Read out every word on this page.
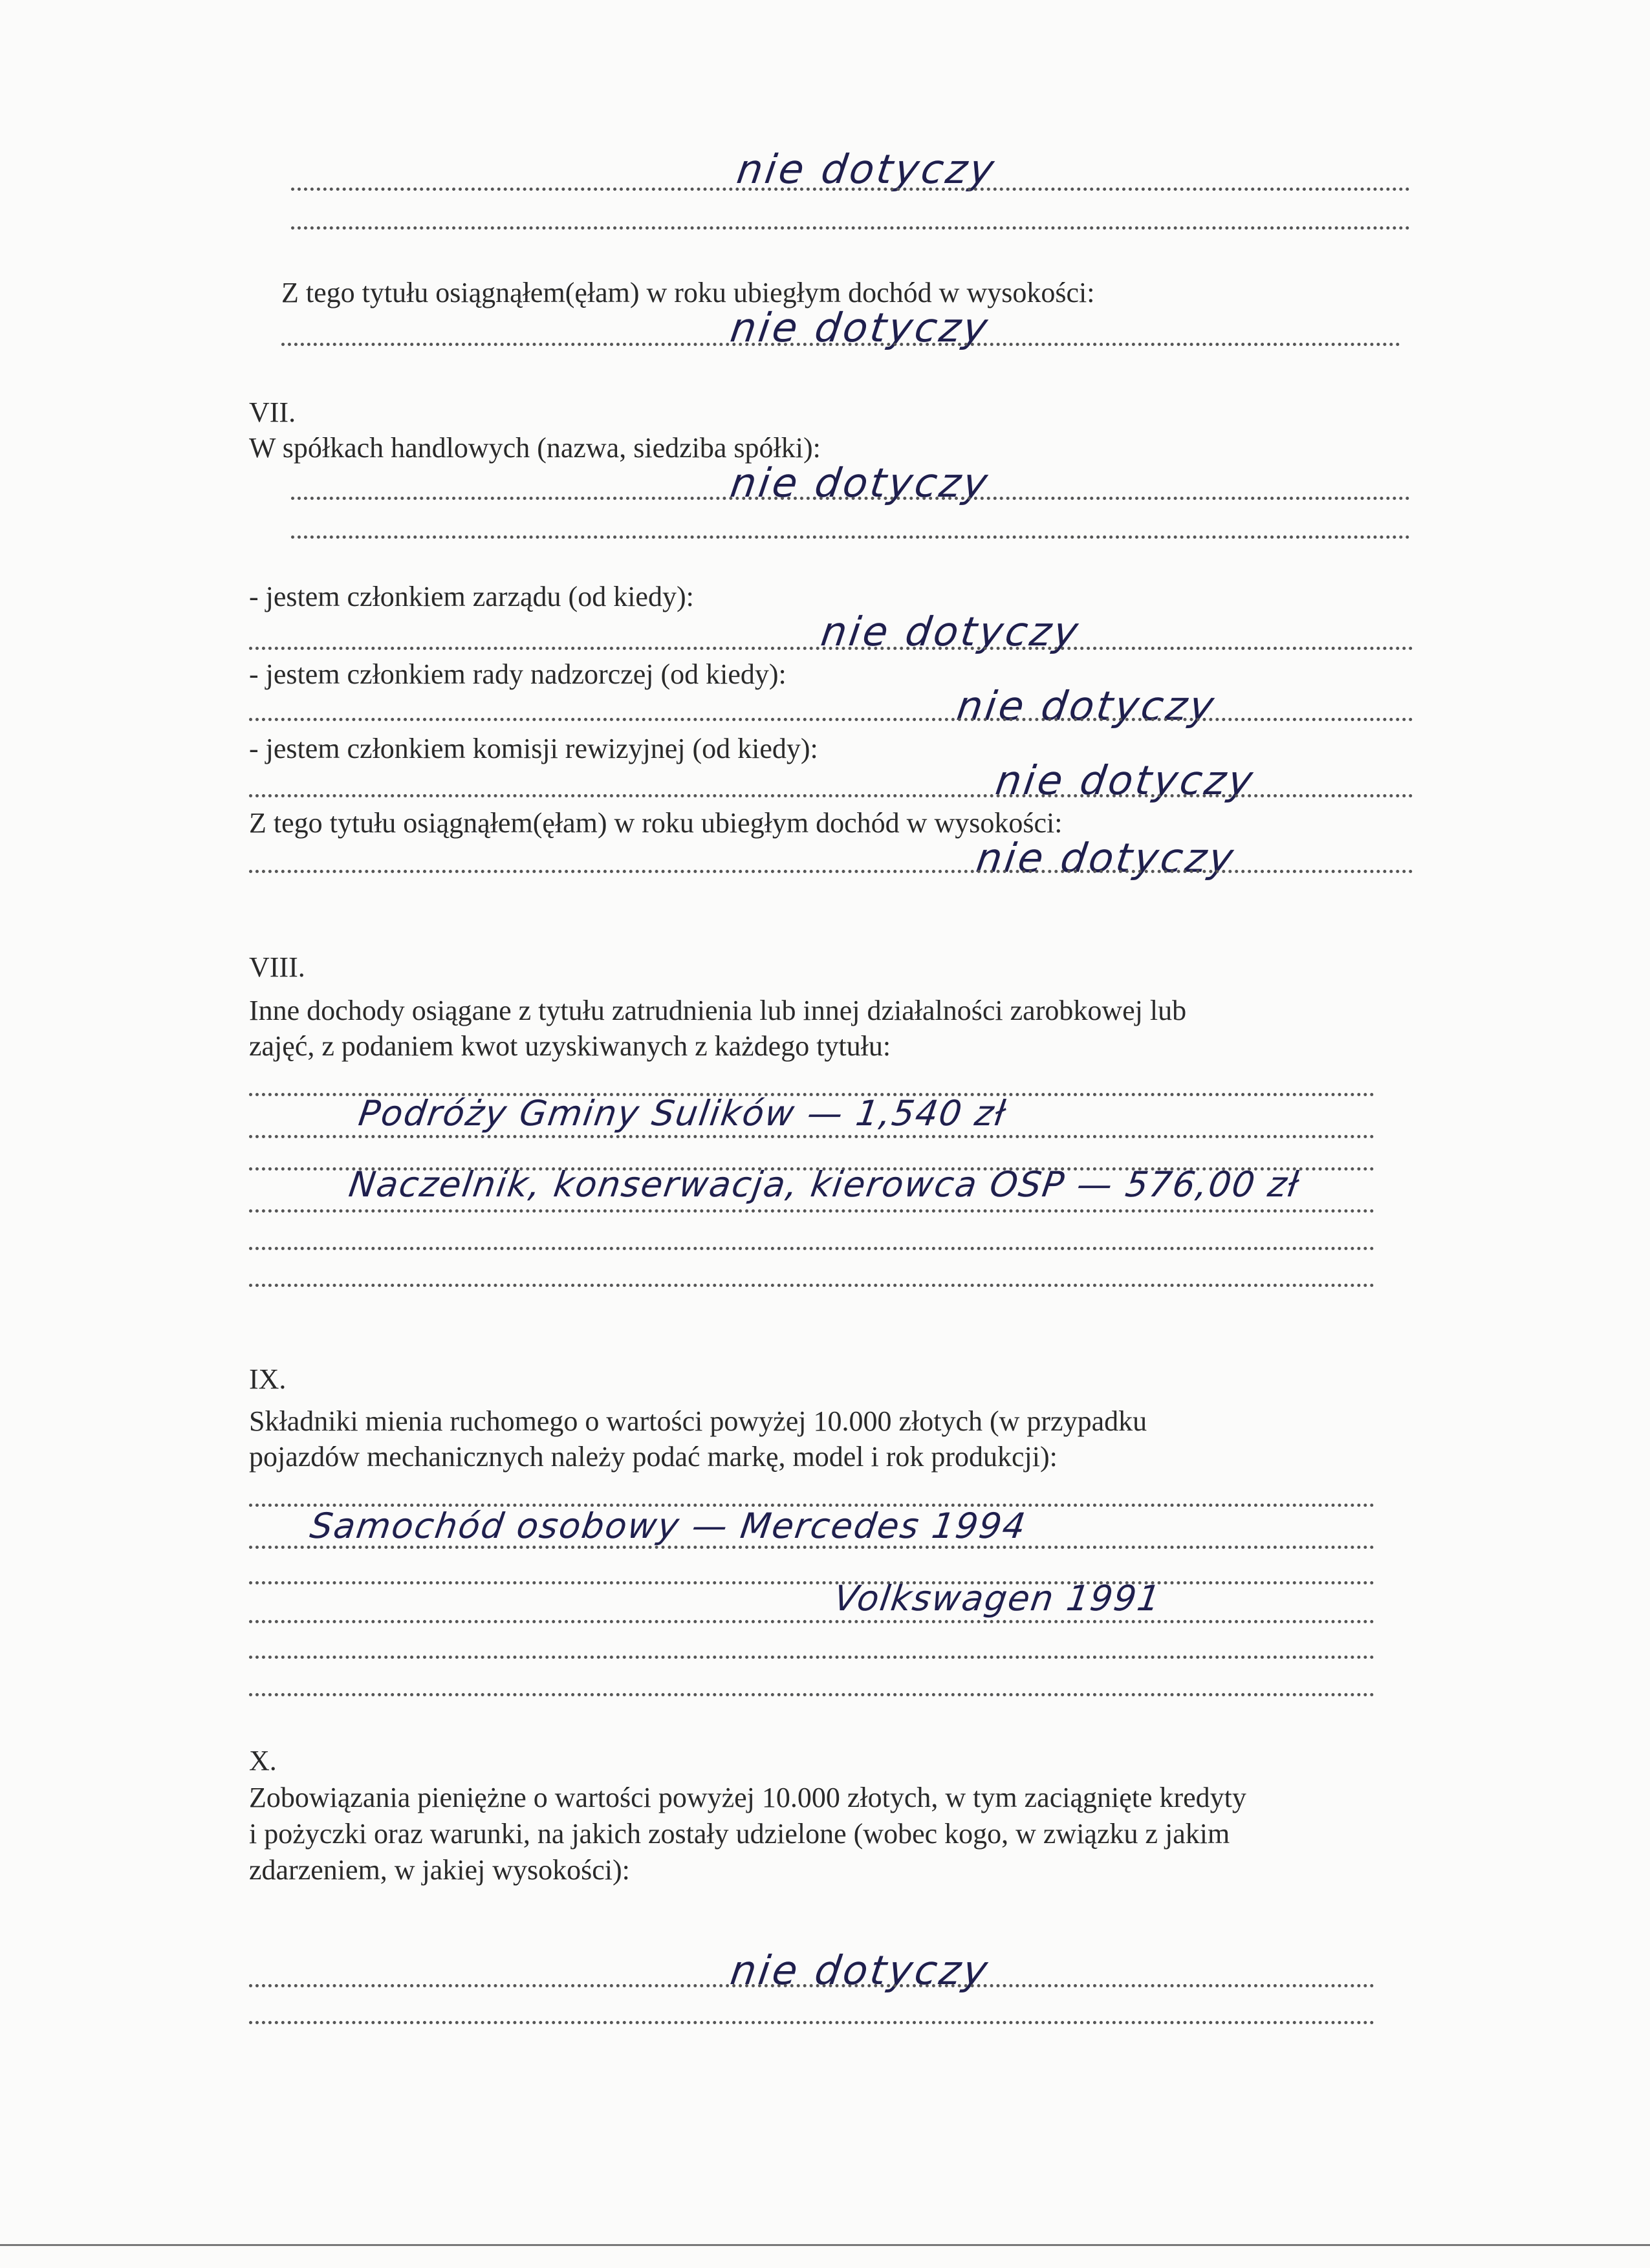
nie dotyczy
Z tego tytułu osiągnąłem(ęłam) w roku ubiegłym dochód w wysokości:
nie dotyczy
VII.
W spółkach handlowych (nazwa, siedziba spółki):
nie dotyczy
- jestem członkiem zarządu (od kiedy):
nie dotyczy
- jestem członkiem rady nadzorczej (od kiedy):
nie dotyczy
- jestem członkiem komisji rewizyjnej (od kiedy):
nie dotyczy
Z tego tytułu osiągnąłem(ęłam) w roku ubiegłym dochód w wysokości:
nie dotyczy
VIII.
Inne dochody osiągane z tytułu zatrudnienia lub innej działalności zarobkowej lub
zajęć, z podaniem kwot uzyskiwanych z każdego tytułu:
Podróży Gminy Sulików — 1,540 zł
Naczelnik, konserwacja, kierowca OSP — 576,00 zł
IX.
Składniki mienia ruchomego o wartości powyżej 10.000 złotych (w przypadku
pojazdów mechanicznych należy podać markę, model i rok produkcji):
Samochód osobowy — Mercedes 1994
Volkswagen 1991
X.
Zobowiązania pieniężne o wartości powyżej 10.000 złotych, w tym zaciągnięte kredyty
i pożyczki oraz warunki, na jakich zostały udzielone (wobec kogo, w związku z jakim
zdarzeniem, w jakiej wysokości):
nie dotyczy
